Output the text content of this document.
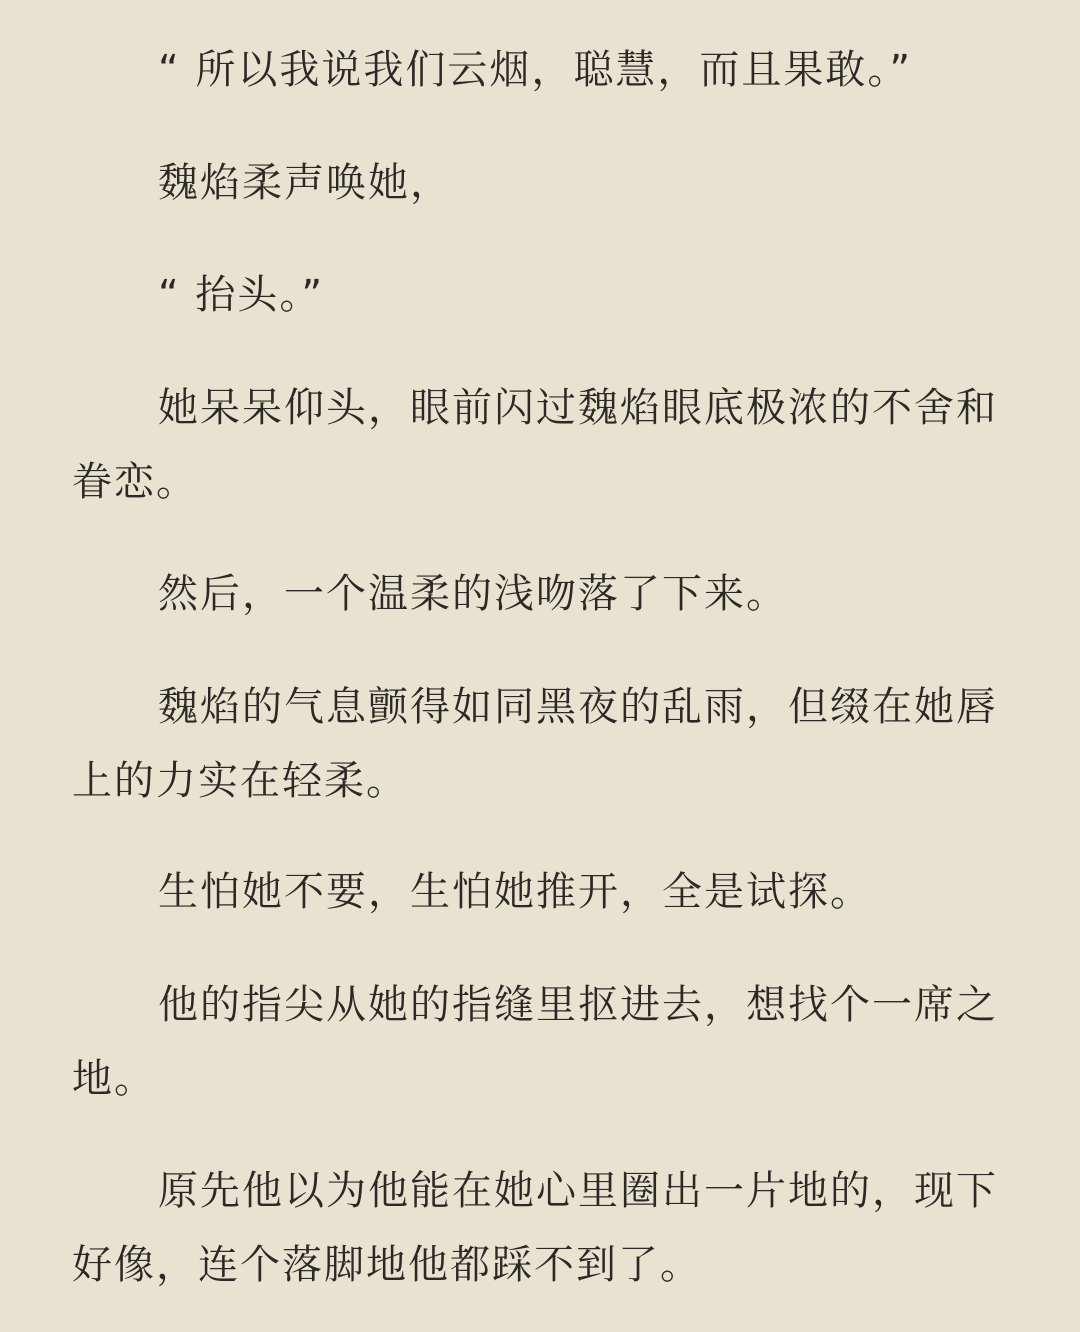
“ 所以我说我们云烟，聪慧，而且果敢。”

魏焰柔声唤她，

“ 抬头。”

她呆呆仰头，眼前闪过魏焰眼底极浓的不舍和眷恋。

然后，一个温柔的浅吻落了下来。

魏焰的气息颤得如同黑夜的乱雨，但缀在她唇上的力实在轻柔。

生怕她不要，生怕她推开，全是试探。

他的指尖从她的指缝里抠进去，想找个一席之地。

原先他以为他能在她心里圈出一片地的，现下好像，连个落脚地他都踩不到了。
